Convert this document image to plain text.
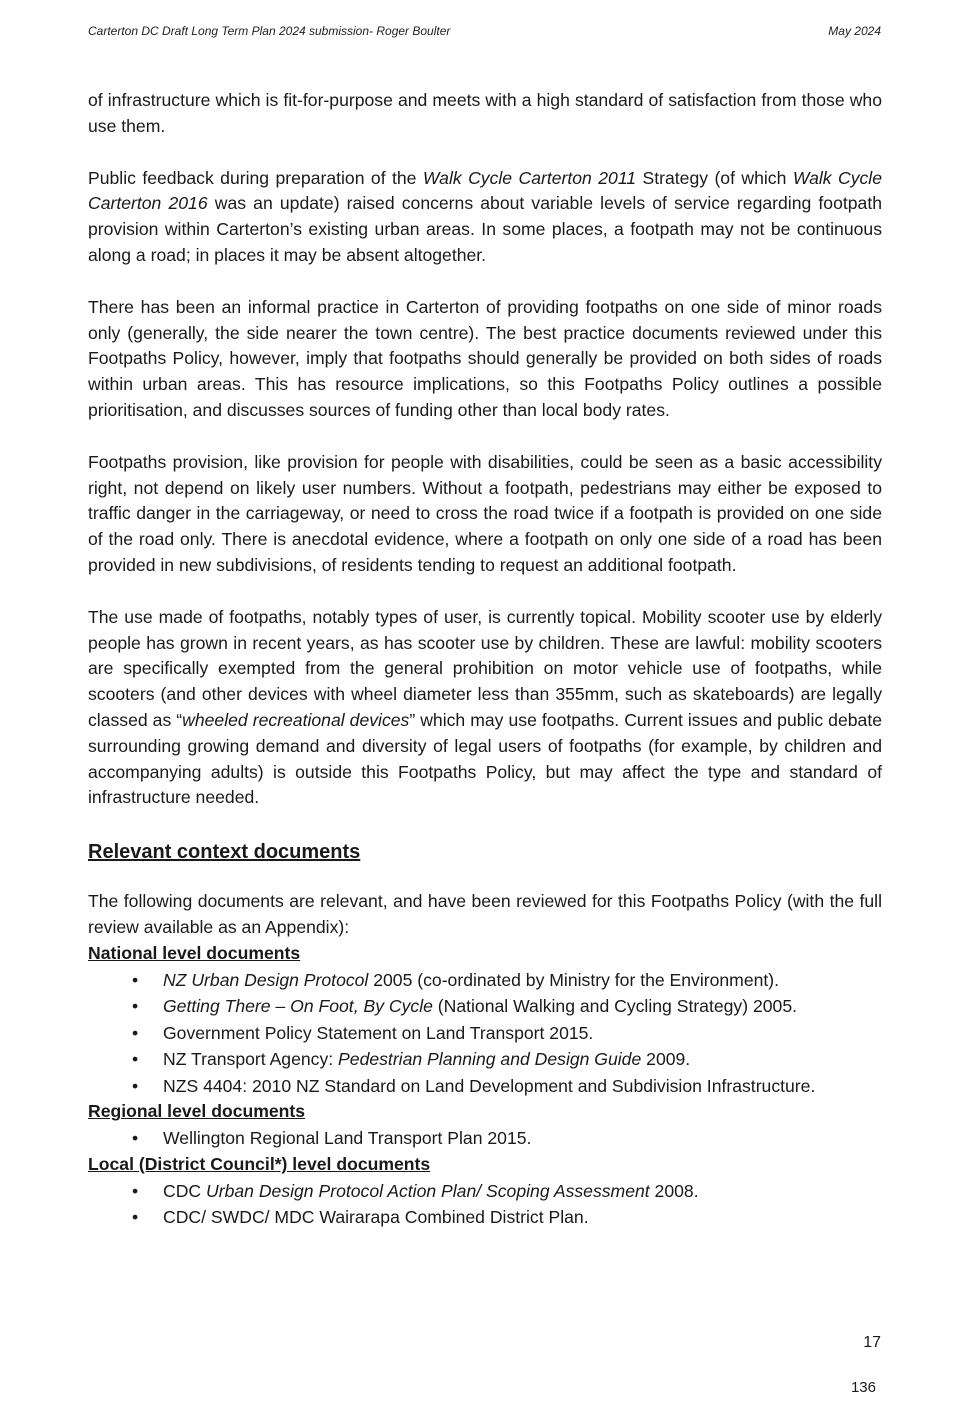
Carterton DC Draft Long Term Plan 2024 submission- Roger Boulter	May 2024

of infrastructure which is fit-for-purpose and meets with a high standard of satisfaction from those who use them.

Public feedback during preparation of the Walk Cycle Carterton 2011 Strategy (of which Walk Cycle Carterton 2016 was an update) raised concerns about variable levels of service regarding footpath provision within Carterton’s existing urban areas. In some places, a footpath may not be continuous along a road; in places it may be absent altogether.

There has been an informal practice in Carterton of providing footpaths on one side of minor roads only (generally, the side nearer the town centre). The best practice documents reviewed under this Footpaths Policy, however, imply that footpaths should generally be provided on both sides of roads within urban areas. This has resource implications, so this Footpaths Policy outlines a possible prioritisation, and discusses sources of funding other than local body rates.

Footpaths provision, like provision for people with disabilities, could be seen as a basic accessibility right, not depend on likely user numbers. Without a footpath, pedestrians may either be exposed to traffic danger in the carriageway, or need to cross the road twice if a footpath is provided on one side of the road only. There is anecdotal evidence, where a footpath on only one side of a road has been provided in new subdivisions, of residents tending to request an additional footpath.

The use made of footpaths, notably types of user, is currently topical. Mobility scooter use by elderly people has grown in recent years, as has scooter use by children. These are lawful: mobility scooters are specifically exempted from the general prohibition on motor vehicle use of footpaths, while scooters (and other devices with wheel diameter less than 355mm, such as skateboards) are legally classed as “wheeled recreational devices” which may use footpaths. Current issues and public debate surrounding growing demand and diversity of legal users of footpaths (for example, by children and accompanying adults) is outside this Footpaths Policy, but may affect the type and standard of infrastructure needed.

Relevant context documents

The following documents are relevant, and have been reviewed for this Footpaths Policy (with the full review available as an Appendix):

National level documents
• NZ Urban Design Protocol 2005 (co-ordinated by Ministry for the Environment).
• Getting There – On Foot, By Cycle (National Walking and Cycling Strategy) 2005.
• Government Policy Statement on Land Transport 2015.
• NZ Transport Agency: Pedestrian Planning and Design Guide 2009.
• NZS 4404: 2010 NZ Standard on Land Development and Subdivision Infrastructure.
Regional level documents
• Wellington Regional Land Transport Plan 2015.
Local (District Council*) level documents
• CDC Urban Design Protocol Action Plan/ Scoping Assessment 2008.
• CDC/ SWDC/ MDC Wairarapa Combined District Plan.
17
136
